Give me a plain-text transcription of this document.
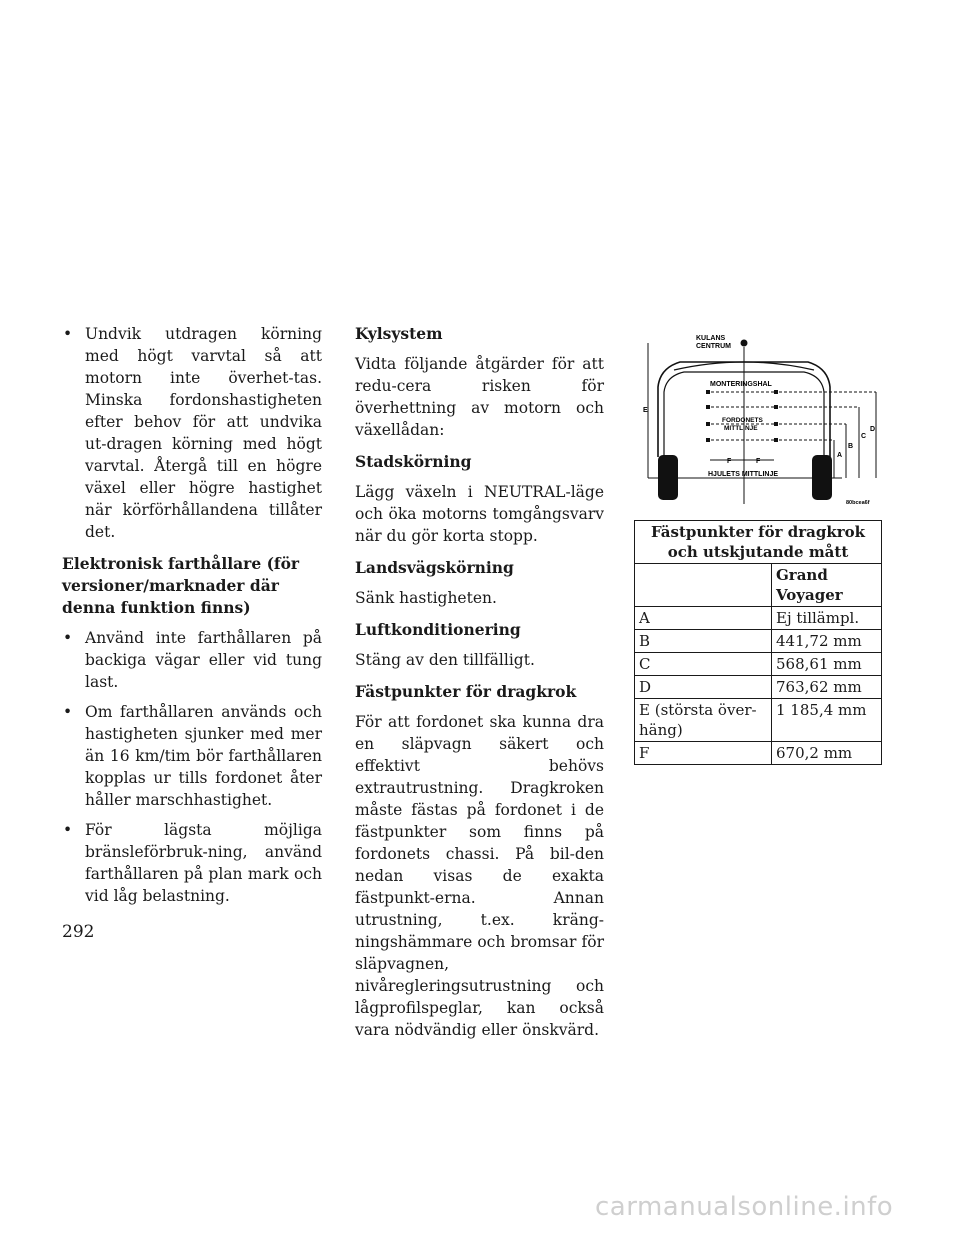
• Undvik utdragen körning med högt varvtal så att motorn inte överhet-tas. Minska fordonshastigheten efter behov för att undvika ut-dragen körning med högt varvtal. Återgå till en högre växel eller högre hastighet när körförhållandena tillåter det.

Elektronisk farthållare (för versioner/marknader där denna funktion finns)

• Använd inte farthållaren på backiga vägar eller vid tung last.
• Om farthållaren används och hastigheten sjunker med mer än 16 km/tim bör farthållaren kopplas ur tills fordonet åter håller marschhastighet.
• För lägsta möjliga bränsleförbruk-ning, använd farthållaren på plan mark och vid låg belastning.

Kylsystem

Vidta följande åtgärder för att redu-cera risken för överhettning av motorn och växellådan:

Stadskörning

Lägg växeln i NEUTRAL-läge och öka motorns tomgångsvarv när du gör korta stopp.

Landsvägskörning

Sänk hastigheten.

Luftkonditionering

Stäng av den tillfälligt.

Fästpunkter för dragkrok

För att fordonet ska kunna dra en släpvagn säkert och effektivt behövs extrautrustning. Dragkroken måste fästas på fordonet i de fästpunkter som finns på fordonets chassi. På bil-den nedan visas de exakta fästpunkt-erna. Annan utrustning, t.ex. kräng-ningshämmare och bromsar för släpvagnen, nivåregleringsutrustning och lågprofilspeglar, kan också vara nödvändig eller önskvärd.

KULANS
CENTRUM
MONTERINGSHAL
FORDONETS
MITTLINJE
F	F
HJULETS MITTLINJE
E
A
B
C
D
80bcea6f
Fästpunkter för dragkrok och utskjutande mått	
	Grand Voyager
A	Ej tillämpl.
B	441,72 mm
C	568,61 mm
D	763,62 mm
E (största över-häng)	1 185,4 mm
F	670,2 mm
292
carmanualsonline.info
